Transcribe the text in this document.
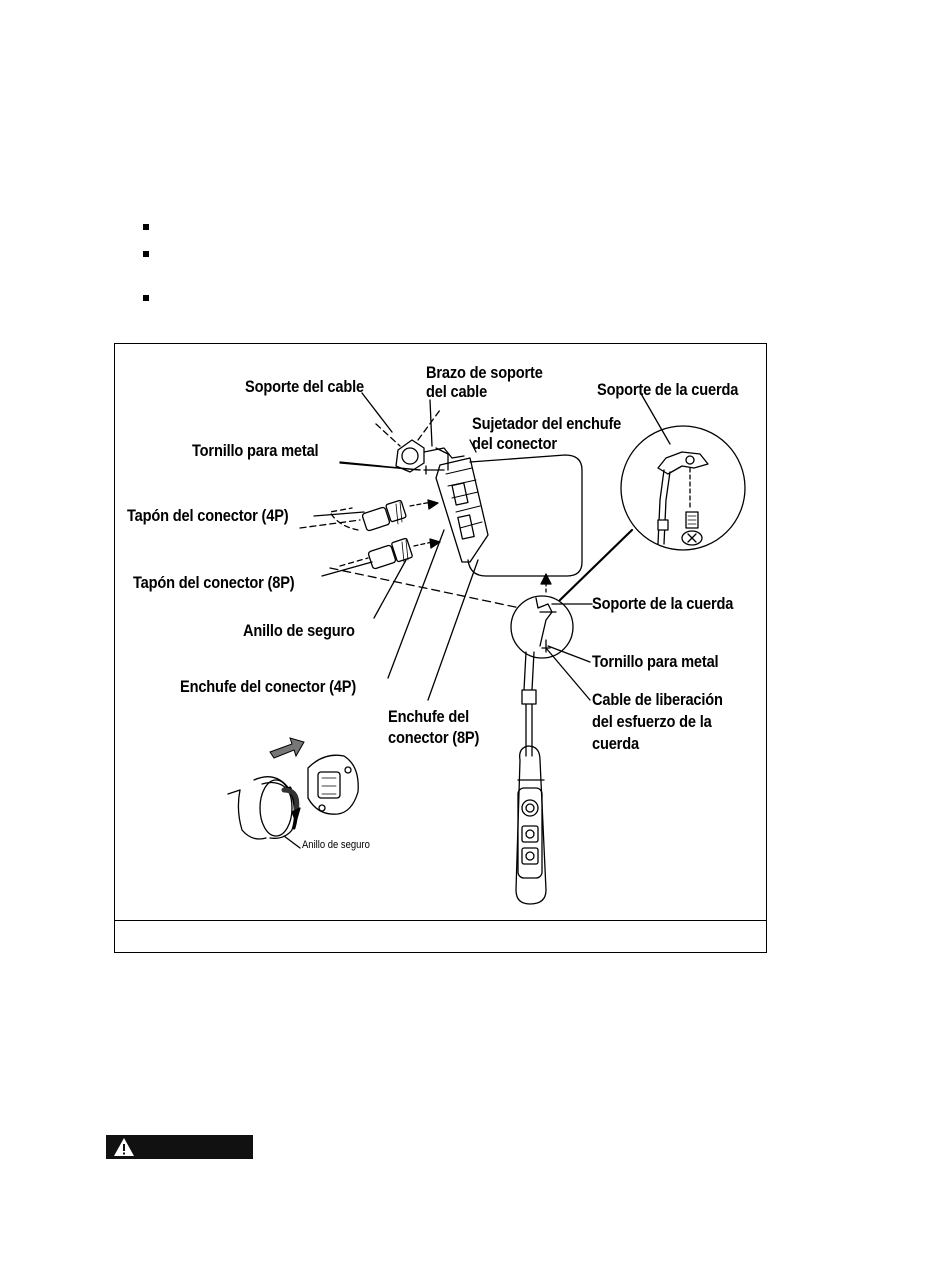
Soporte del cable
Brazo de soporte
del cable	Soporte de la cuerda
Sujetador del enchufe
del conector
Tornillo para metal
Tapón del conector (4P)
Tapón del conector (8P)
Anillo de seguro
Enchufe del conector (4P)
Enchufe del
conector (8P)
Soporte de la cuerda
Tornillo para metal
Cable de liberación
del esfuerzo de la
cuerda
Anillo de seguro
